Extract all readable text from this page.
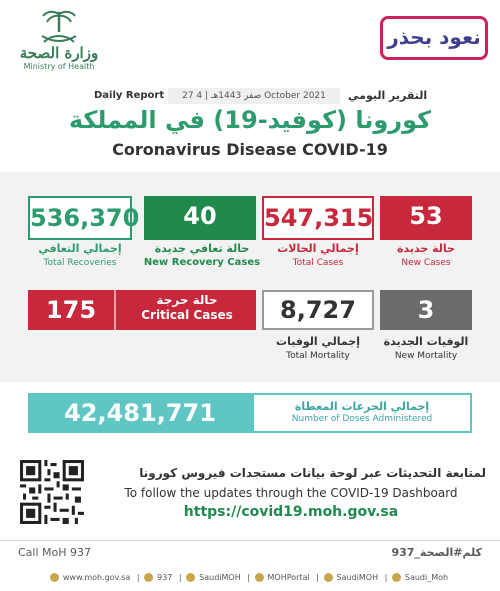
وزارة الصحة
Ministry of Health
نعود بحذر
Daily Report	27 صفر 1443هـ | 4 October 2021	التقرير اليومي
كورونا (كوفيد-19) في المملكة
Coronavirus Disease COVID-19
536,370
إجمالي التعافي
Total Recoveries
40
حالة تعافي جديدة
New Recovery Cases
547,315
إجمالي الحالات
Total Cases
53
حالة جديدة
New Cases
175	حالة حرجة
Critical Cases	8,727
إجمالي الوفيات
Total Mortality
3
الوفيات الجديدة
New Mortality
42,481,771	إجمالي الجرعات المعطاة
Number of Doses Administered
لمتابعة التحديثات عبر لوحة بيانات مستجدات فيروس كورونا
To follow the updates through the COVID-19 Dashboard
https://covid19.moh.gov.sa
Call MoH 937	كلم#الصحة_937
www.moh.gov.sa | 937 | SaudiMOH | MOHPortal | SaudiMOH | Saudi_Moh
